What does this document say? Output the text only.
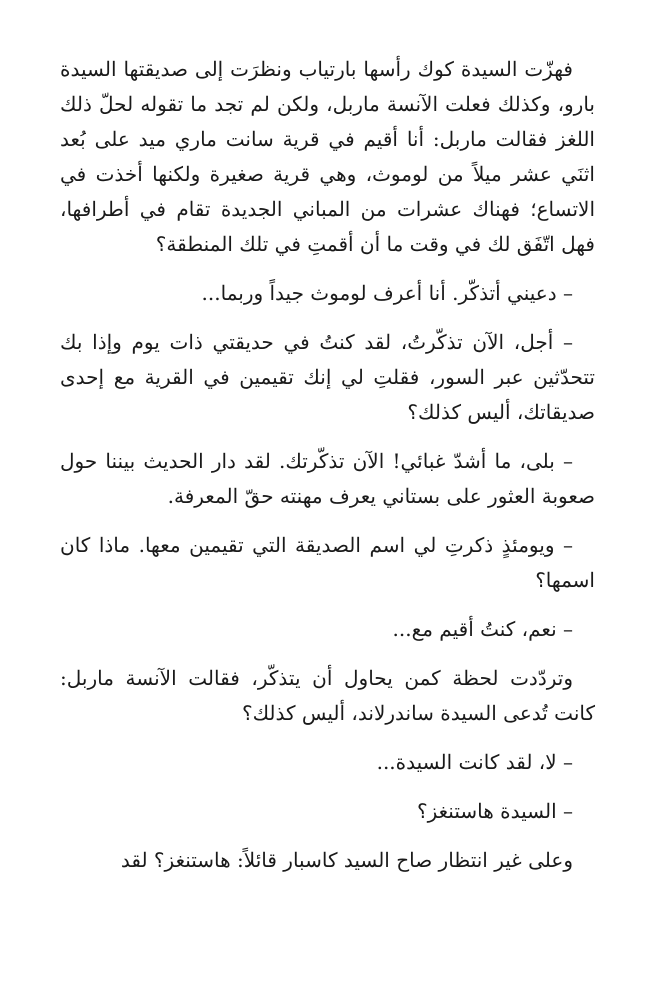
فهزّت السيدة كوك رأسها بارتياب ونظرَت إلى صديقتها السيدة بارو، وكذلك فعلت الآنسة ماربل، ولكن لم تجد ما تقوله لحلّ ذلك اللغز فقالت ماربل: أنا أقيم في قرية سانت ماري ميد على بُعد اثنَي عشر ميلاً من لوموث، وهي قرية صغيرة ولكنها أخذت في الاتساع؛ فهناك عشرات من المباني الجديدة تقام في أطرافها، فهل اتّفَق لك في وقت ما أن أقمتِ في تلك المنطقة؟

– دعيني أتذكّر. أنا أعرف لوموث جيداً وربما...

– أجل، الآن تذكّرتُ، لقد كنتُ في حديقتي ذات يوم وإذا بك تتحدّثين عبر السور، فقلتِ لي إنك تقيمين في القرية مع إحدى صديقاتك، أليس كذلك؟

– بلى، ما أشدّ غبائي! الآن تذكّرتك. لقد دار الحديث بيننا حول صعوبة العثور على بستاني يعرف مهنته حقّ المعرفة.

– ويومئذٍ ذكرتِ لي اسم الصديقة التي تقيمين معها. ماذا كان اسمها؟

– نعم، كنتُ أقيم مع...

وتردّدت لحظة كمن يحاول أن يتذكّر، فقالت الآنسة ماربل: كانت تُدعى السيدة ساندرلاند، أليس كذلك؟

– لا، لقد كانت السيدة...

– السيدة هاستنغز؟

وعلى غير انتظار صاح السيد كاسبار قائلاً: هاستنغز؟ لقد
